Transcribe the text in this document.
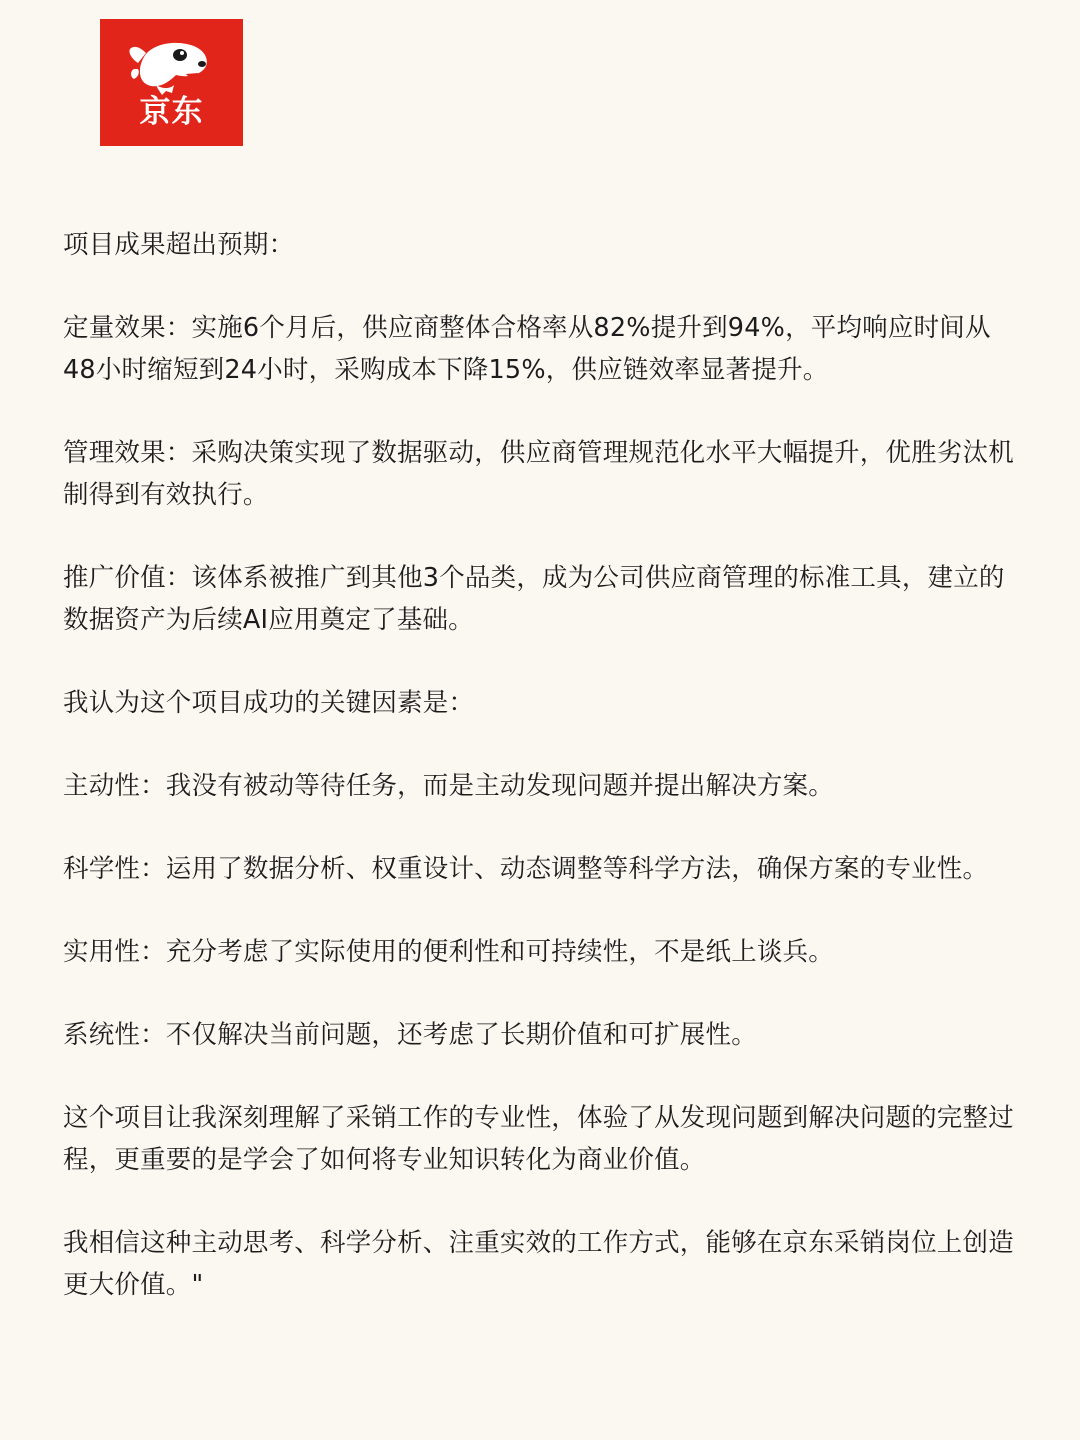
京东

项目成果超出预期：

定量效果：实施6个月后，供应商整体合格率从82%提升到94%，平均响应时间从48小时缩短到24小时，采购成本下降15%，供应链效率显著提升。

管理效果：采购决策实现了数据驱动，供应商管理规范化水平大幅提升，优胜劣汰机制得到有效执行。

推广价值：该体系被推广到其他3个品类，成为公司供应商管理的标准工具，建立的数据资产为后续AI应用奠定了基础。

我认为这个项目成功的关键因素是：

主动性：我没有被动等待任务，而是主动发现问题并提出解决方案。

科学性：运用了数据分析、权重设计、动态调整等科学方法，确保方案的专业性。

实用性：充分考虑了实际使用的便利性和可持续性，不是纸上谈兵。

系统性：不仅解决当前问题，还考虑了长期价值和可扩展性。

这个项目让我深刻理解了采销工作的专业性，体验了从发现问题到解决问题的完整过程，更重要的是学会了如何将专业知识转化为商业价值。

我相信这种主动思考、科学分析、注重实效的工作方式，能够在京东采销岗位上创造更大价值。"
